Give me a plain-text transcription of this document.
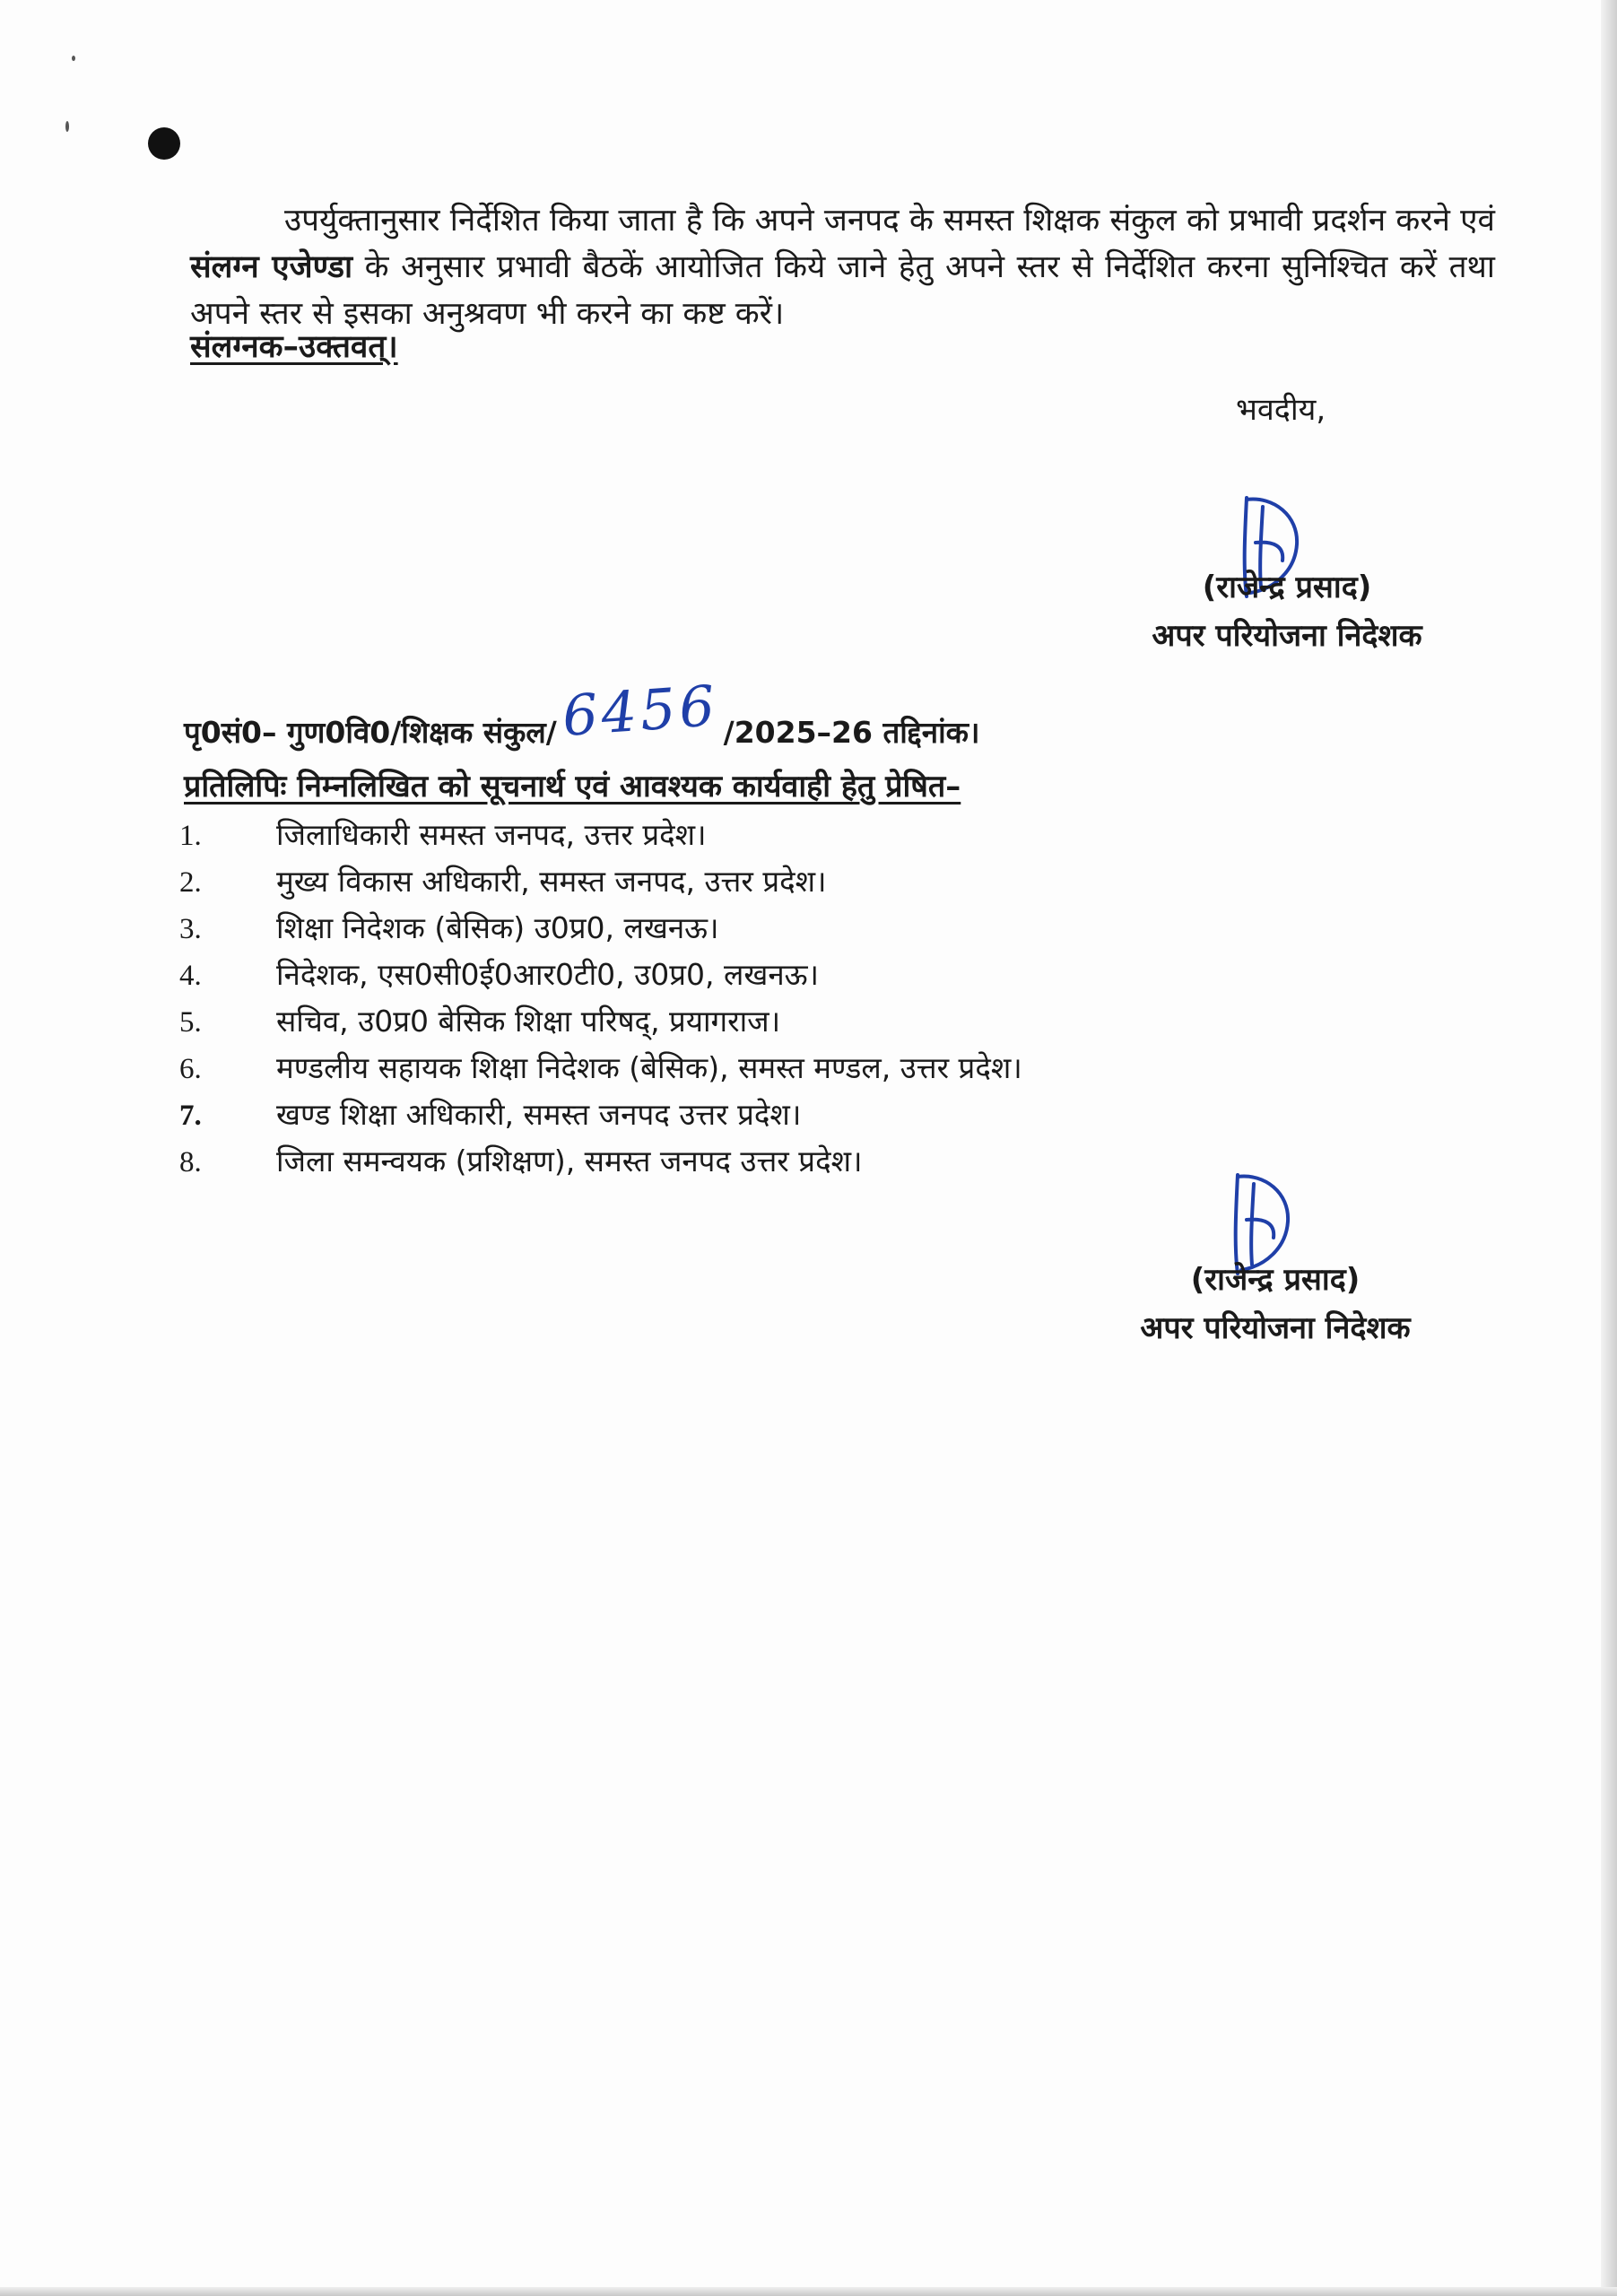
उपर्युक्तानुसार निर्देशित किया जाता है कि अपने जनपद के समस्त शिक्षक संकुल को प्रभावी प्रदर्शन करने एवं संलग्न एजेण्डा के अनुसार प्रभावी बैठकें आयोजित किये जाने हेतु अपने स्तर से निर्देशित करना सुनिश्चित करें तथा अपने स्तर से इसका अनुश्रवण भी करने का कष्ट करें।
संलग्नक–उक्तवत्।
भवदीय,
(राजेन्द्र प्रसाद)
अपर परियोजना निदेशक
पृ0सं0– गुण0वि0/शिक्षक संकुल/6456 /2025–26 तद्दिनांक।
प्रतिलिपिः निम्नलिखित को सूचनार्थ एवं आवश्यक कार्यवाही हेतु प्रेषित–
1.	जिलाधिकारी समस्त जनपद, उत्तर प्रदेश।
2.	मुख्य विकास अधिकारी, समस्त जनपद, उत्तर प्रदेश।
3.	शिक्षा निदेशक (बेसिक) उ0प्र0, लखनऊ।
4.	निदेशक, एस0सी0ई0आर0टी0, उ0प्र0, लखनऊ।
5.	सचिव, उ0प्र0 बेसिक शिक्षा परिषद्, प्रयागराज।
6.	मण्डलीय सहायक शिक्षा निदेशक (बेसिक), समस्त मण्डल, उत्तर प्रदेश।
7.	खण्ड शिक्षा अधिकारी, समस्त जनपद उत्तर प्रदेश।
8.	जिला समन्वयक (प्रशिक्षण), समस्त जनपद उत्तर प्रदेश।
(राजेन्द्र प्रसाद)
अपर परियोजना निदेशक
